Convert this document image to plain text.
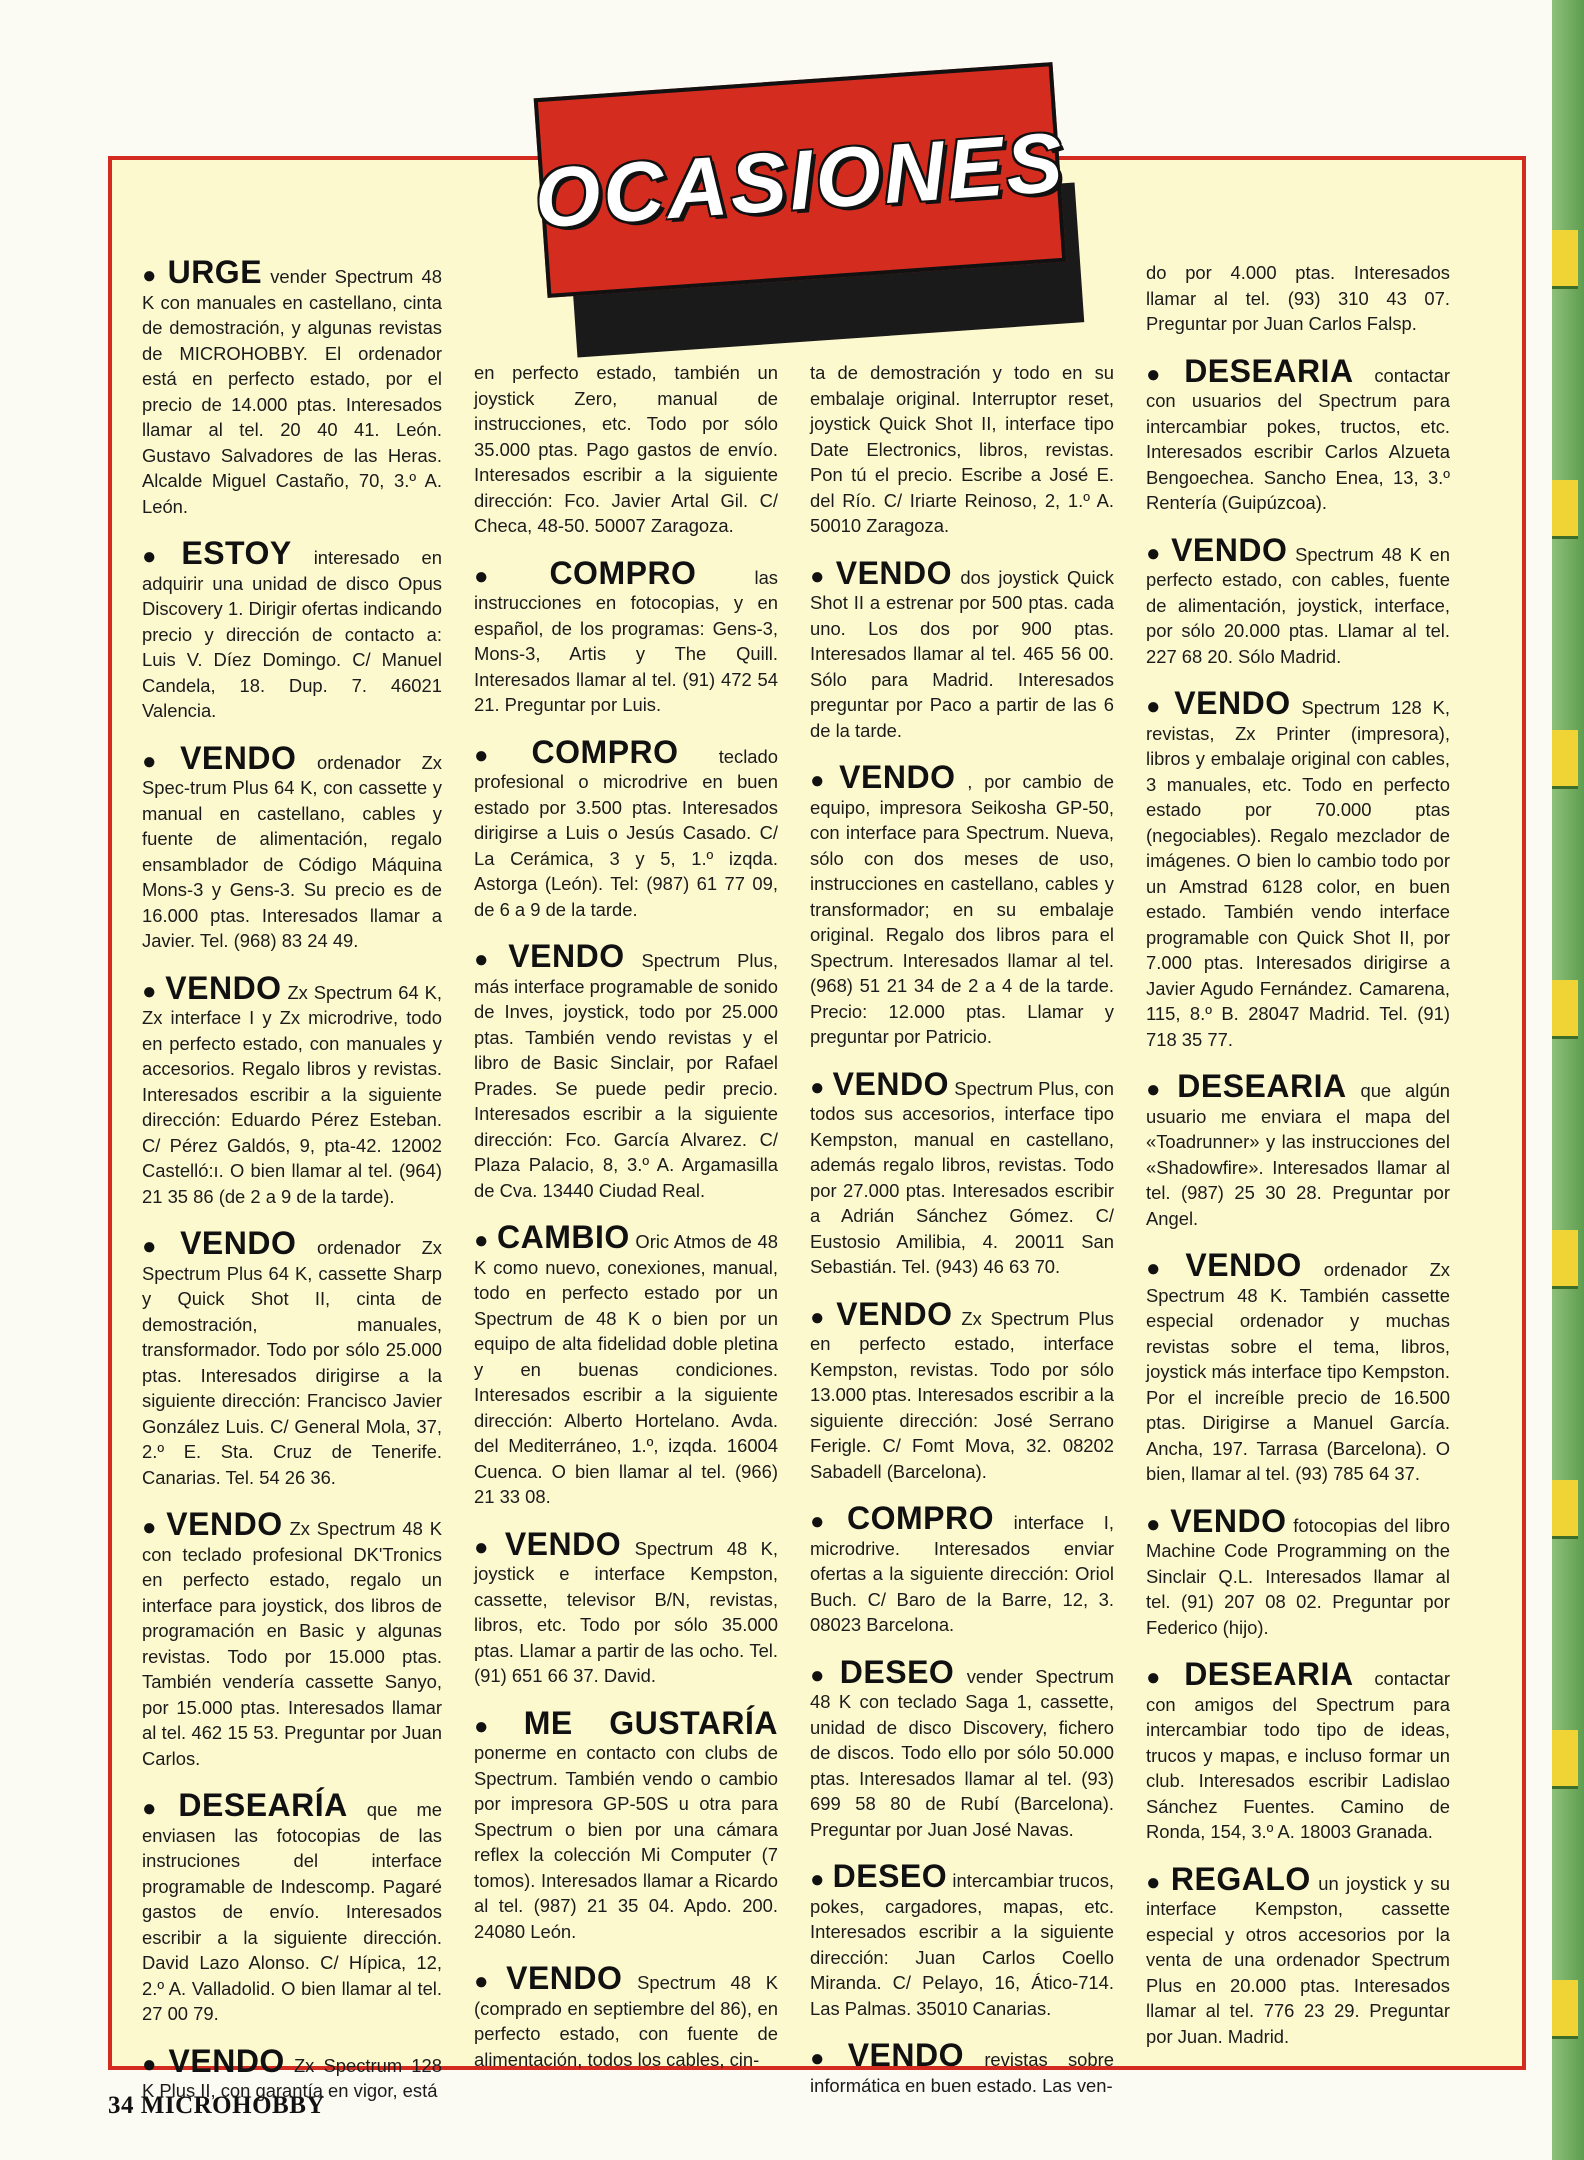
● URGE vender Spectrum 48 K con manuales en castellano, cinta de demostración, y algunas revistas de MICROHOBBY. El ordenador está en perfecto estado, por el precio de 14.000 ptas. Interesados llamar al tel. 20 40 41. León. Gustavo Salvadores de las Heras. Alcalde Miguel Castaño, 70, 3.º A. León.

● ESTOY interesado en adquirir una unidad de disco Opus Discovery 1. Dirigir ofertas indicando precio y dirección de contacto a: Luis V. Díez Domingo. C/ Manuel Candela, 18. Dup. 7. 46021 Valencia.

● VENDO ordenador Zx Spec-trum Plus 64 K, con cassette y manual en castellano, cables y fuente de alimentación, regalo ensamblador de Código Máquina Mons-3 y Gens-3. Su precio es de 16.000 ptas. Interesados llamar a Javier. Tel. (968) 83 24 49.

● VENDO Zx Spectrum 64 K, Zx interface I y Zx microdrive, todo en perfecto estado, con manuales y accesorios. Regalo libros y revistas. Interesados escribir a la siguiente dirección: Eduardo Pérez Esteban. C/ Pérez Galdós, 9, pta-42. 12002 Castelló:ı. O bien llamar al tel. (964) 21 35 86 (de 2 a 9 de la tarde).

● VENDO ordenador Zx Spectrum Plus 64 K, cassette Sharp y Quick Shot II, cinta de demostración, manuales, transformador. Todo por sólo 25.000 ptas. Interesados dirigirse a la siguiente dirección: Francisco Javier González Luis. C/ General Mola, 37, 2.º E. Sta. Cruz de Tenerife. Canarias. Tel. 54 26 36.

● VENDO Zx Spectrum 48 K con teclado profesional DK'Tronics en perfecto estado, regalo un interface para joystick, dos libros de programación en Basic y algunas revistas. Todo por 15.000 ptas. También vendería cassette Sanyo, por 15.000 ptas. Interesados llamar al tel. 462 15 53. Preguntar por Juan Carlos.

● DESEARÍA que me enviasen las fotocopias de las instruciones del interface programable de Indescomp. Pagaré gastos de envío. Interesados escribir a la siguiente dirección. David Lazo Alonso. C/ Hípica, 12, 2.º A. Valladolid. O bien llamar al tel. 27 00 79.

● VENDO Zx Spectrum 128 K Plus II, con garantía en vigor, está

en perfecto estado, también un joystick Zero, manual de instrucciones, etc. Todo por sólo 35.000 ptas. Pago gastos de envío. Interesados escribir a la siguiente dirección: Fco. Javier Artal Gil. C/ Checa, 48-50. 50007 Zaragoza.

● COMPRO	las instrucciones en fotocopias, y en español, de los programas: Gens-3, Mons-3, Artis y The Quill. Interesados llamar al tel. (91) 472 54 21. Preguntar por Luis.

● COMPRO teclado profesional o microdrive en buen estado por 3.500 ptas. Interesados dirigirse a Luis o Jesús Casado. C/ La Cerámica, 3 y 5, 1.º izqda. Astorga (León). Tel: (987) 61 77 09, de 6 a 9 de la tarde.

● VENDO Spectrum Plus, más interface programable de sonido de Inves, joystick, todo por 25.000 ptas. También vendo revistas y el libro de Basic Sinclair, por Rafael Prades. Se puede pedir precio. Interesados escribir a la siguiente dirección: Fco. García Alvarez. C/ Plaza Palacio, 8, 3.º A. Argamasilla de Cva. 13440 Ciudad Real.

● CAMBIO Oric Atmos de 48 K como nuevo, conexiones, manual, todo en perfecto estado por un Spectrum de 48 K o bien por un equipo de alta fidelidad doble pletina y en buenas condiciones. Interesados escribir a la siguiente dirección: Alberto Hortelano. Avda. del Mediterráneo, 1.º, izqda. 16004 Cuenca. O bien llamar al tel. (966) 21 33 08.

● VENDO Spectrum 48 K, joystick e interface Kempston, cassette, televisor B/N, revistas, libros, etc. Todo por sólo 35.000 ptas. Llamar a partir de las ocho. Tel. (91) 651 66 37. David.

● ME GUSTARÍA ponerme en contacto con clubs de Spectrum. También vendo o cambio por impresora GP-50S u otra para Spectrum o bien por una cámara reflex la colección Mi Computer (7 tomos). Interesados llamar a Ricardo al tel. (987) 21 35 04. Apdo. 200. 24080 León.

● VENDO Spectrum 48 K (comprado en septiembre del 86), en perfecto estado, con fuente de alimentación, todos los cables, cin-

ta de demostración y todo en su embalaje original. Interruptor reset, joystick Quick Shot II, interface tipo Date Electronics, libros, revistas. Pon tú el precio. Escribe a José E. del Río. C/ Iriarte Reinoso, 2, 1.º A. 50010 Zaragoza.

● VENDO dos joystick Quick Shot II a estrenar por 500 ptas. cada uno. Los dos por 900 ptas. Interesados llamar al tel. 465 56 00. Sólo para Madrid. Interesados preguntar por Paco a partir de las 6 de la tarde.

● VENDO , por cambio de equipo, impresora Seikosha GP-50, con interface para Spectrum. Nueva, sólo con dos meses de uso, instrucciones en castellano, cables y transformador; en su embalaje original. Regalo dos libros para el Spectrum. Interesados llamar al tel. (968) 51 21 34 de 2 a 4 de la tarde. Precio: 12.000 ptas. Llamar y preguntar por Patricio.

● VENDO Spectrum Plus, con todos sus accesorios, interface tipo Kempston, manual en castellano, además regalo libros, revistas. Todo por 27.000 ptas. Interesados escribir a Adrián Sánchez Gómez. C/ Eustosio Amilibia, 4. 20011 San Sebastián. Tel. (943) 46 63 70.

● VENDO Zx Spectrum Plus en perfecto estado, interface Kempston, revistas. Todo por sólo 13.000 ptas. Interesados escribir a la siguiente dirección: José Serrano Ferigle. C/ Fomt Mova, 32. 08202 Sabadell (Barcelona).

● COMPRO interface I, microdrive. Interesados enviar ofertas a la siguiente dirección: Oriol Buch. C/ Baro de la Barre, 12, 3. 08023 Barcelona.

● DESEO vender Spectrum 48 K con teclado Saga 1, cassette, unidad de disco Discovery, fichero de discos. Todo ello por sólo 50.000 ptas. Interesados llamar al tel. (93) 699 58 80 de Rubí (Barcelona). Preguntar por Juan José Navas.

● DESEO intercambiar trucos, pokes, cargadores, mapas, etc. Interesados escribir a la siguiente dirección: Juan Carlos Coello Miranda. C/ Pelayo, 16, Ático-714. Las Palmas. 35010 Canarias.

● VENDO revistas sobre informática en buen estado. Las ven-

do por 4.000 ptas. Interesados llamar al tel. (93) 310 43 07. Preguntar por Juan Carlos Falsp.

● DESEARIA contactar con usuarios del Spectrum para intercambiar pokes, tructos, etc. Interesados escribir Carlos Alzueta Bengoechea. Sancho Enea, 13, 3.º Rentería (Guipúzcoa).

● VENDO Spectrum 48 K en perfecto estado, con cables, fuente de alimentación, joystick, interface, por sólo 20.000 ptas. Llamar al tel. 227 68 20. Sólo Madrid.

● VENDO Spectrum 128 K, revistas, Zx Printer (impresora), libros y embalaje original con cables, 3 manuales, etc. Todo en perfecto estado por 70.000 ptas (negociables). Regalo mezclador de imágenes. O bien lo cambio todo por un Amstrad 6128 color, en buen estado. También vendo interface programable con Quick Shot II, por 7.000 ptas. Interesados dirigirse a Javier Agudo Fernández. Camarena, 115, 8.º B. 28047 Madrid. Tel. (91) 718 35 77.

● DESEARIA que algún usuario me enviara el mapa del «Toadrunner» y las instrucciones del «Shadowfire». Interesados llamar al tel. (987) 25 30 28. Preguntar por Angel.

● VENDO ordenador Zx Spectrum 48 K. También cassette especial ordenador y muchas revistas sobre el tema, libros, joystick más interface tipo Kempston. Por el increíble precio de 16.500 ptas. Dirigirse a Manuel García. Ancha, 197. Tarrasa (Barcelona). O bien, llamar al tel. (93) 785 64 37.

● VENDO fotocopias del libro Machine Code Programming on the Sinclair Q.L. Interesados llamar al tel. (91) 207 08 02. Preguntar por Federico (hijo).

● DESEARIA contactar con amigos del Spectrum para intercambiar todo tipo de ideas, trucos y mapas, e incluso formar un club. Interesados escribir Ladislao Sánchez Fuentes. Camino de Ronda, 154, 3.º A. 18003 Granada.

● REGALO un joystick y su interface Kempston, cassette especial y otros accesorios por la venta de una ordenador Spectrum Plus en 20.000 ptas. Interesados llamar al tel. 776 23 29. Preguntar por Juan. Madrid.

OCASIONES
34 MICROHOBBY
